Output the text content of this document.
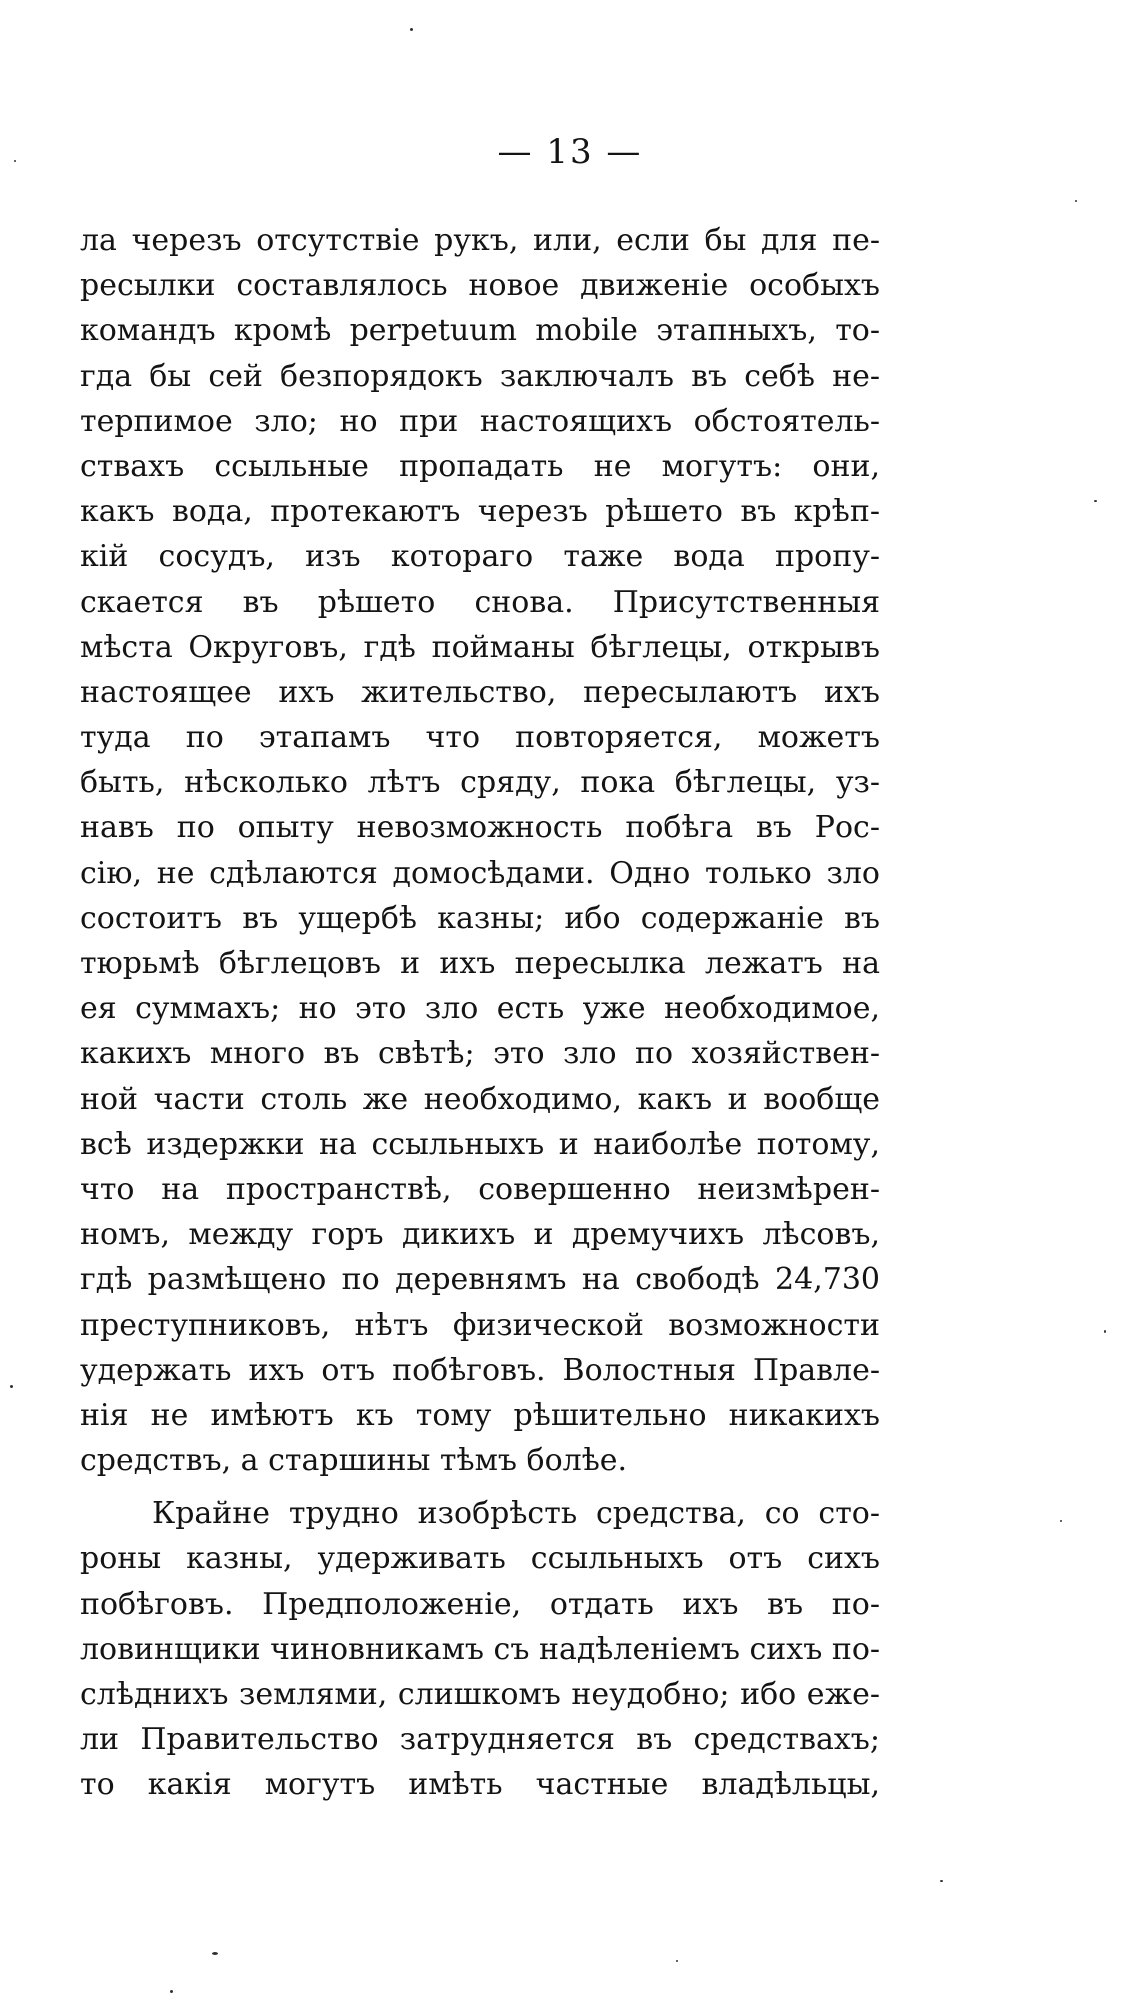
— 13 —
ла черезъ отсутствіе рукъ, или, если бы для пе-
ресылки составлялось новое движеніе особыхъ
командъ кромѣ perpetuum mobile этапныхъ, то-
гда бы сей безпорядокъ заключалъ въ себѣ не-
терпимое зло; но при настоящихъ обстоятель-
ствахъ ссыльные пропадать не могутъ: они,
какъ вода, протекаютъ черезъ рѣшето въ крѣп-
кій сосудъ, изъ котораго таже вода пропу-
скается въ рѣшето снова. Присутственныя
мѣста Округовъ, гдѣ пойманы бѣглецы, открывъ
настоящее ихъ жительство, пересылаютъ ихъ
туда по этапамъ что повторяется, можетъ
быть, нѣсколько лѣтъ сряду, пока бѣглецы, уз-
навъ по опыту невозможность побѣга въ Рос-
сію, не сдѣлаются домосѣдами. Одно только зло
состоитъ въ ущербѣ казны; ибо содержаніе въ
тюрьмѣ бѣглецовъ и ихъ пересылка лежатъ на
ея суммахъ; но это зло есть уже необходимое,
какихъ много въ свѣтѣ; это зло по хозяйствен-
ной части столь же необходимо, какъ и вообще
всѣ издержки на ссыльныхъ и наиболѣе потому,
что на пространствѣ, совершенно неизмѣрен-
номъ, между горъ дикихъ и дремучихъ лѣсовъ,
гдѣ размѣщено по деревнямъ на свободѣ 24,730
преступниковъ, нѣтъ физической возможности
удержать ихъ отъ побѣговъ. Волостныя Правле-
нія не имѣютъ къ тому рѣшительно никакихъ
средствъ, а старшины тѣмъ болѣе.
Крайне трудно изобрѣсть средства, со сто-
роны казны, удерживать ссыльныхъ отъ сихъ
побѣговъ. Предположеніе, отдать ихъ въ по-
ловинщики чиновникамъ съ надѣленіемъ сихъ по-
слѣднихъ землями, слишкомъ неудобно; ибо еже-
ли Правительство затрудняется въ средствахъ;
то какія могутъ имѣть частные владѣльцы,
